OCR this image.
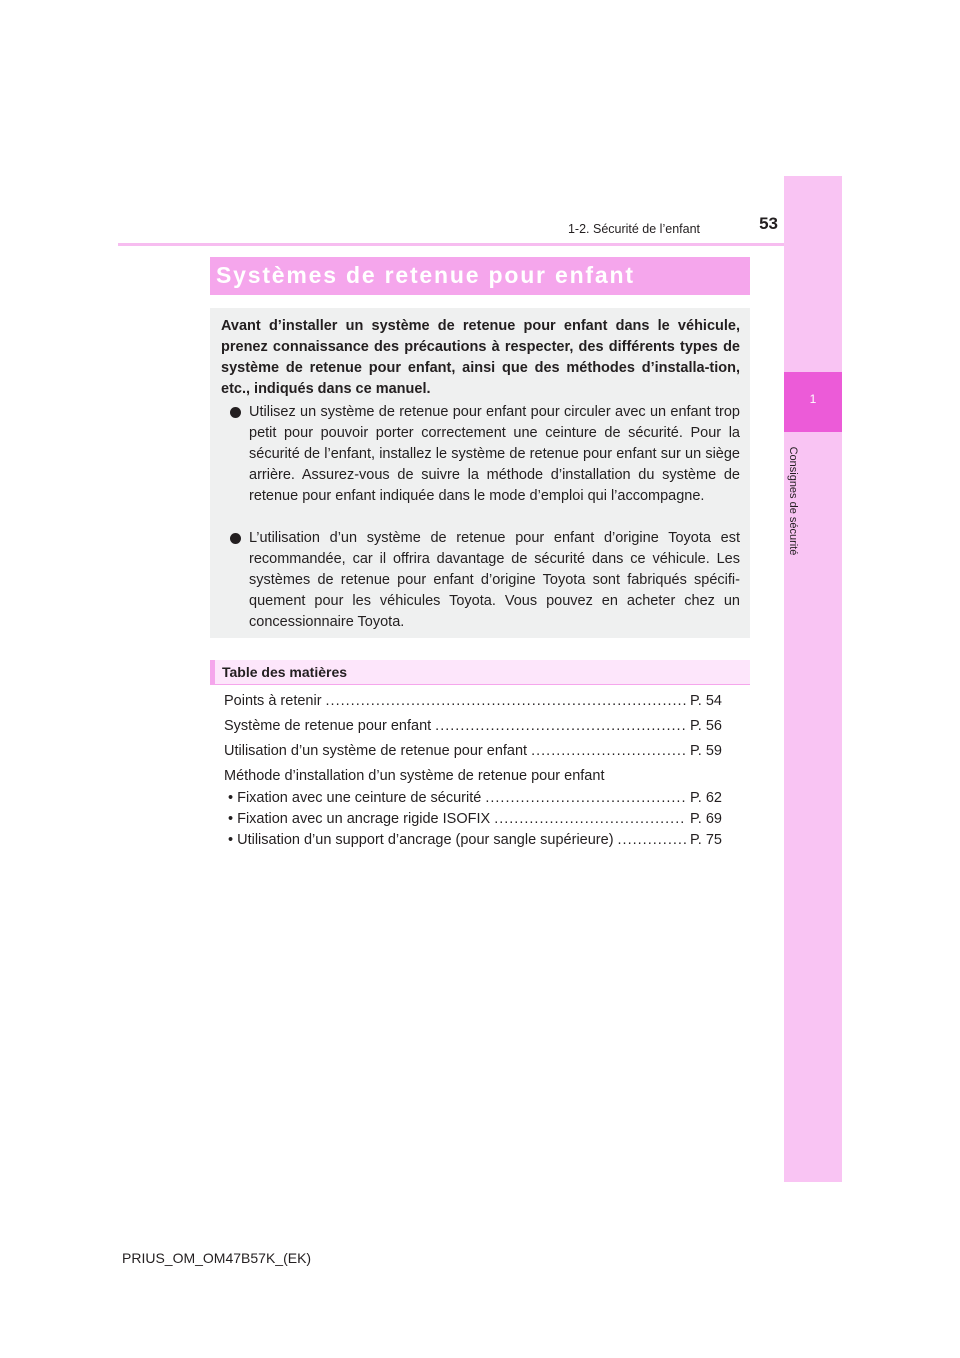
53
1-2. Sécurité de l’enfant
1
Consignes de sécurité
Systèmes de retenue pour enfant
Avant d’installer un système de retenue pour enfant dans le véhicule, prenez connaissance des précautions à respecter, des différents types de système de retenue pour enfant, ainsi que des méthodes d’installa-tion, etc., indiqués dans ce manuel.
Utilisez un système de retenue pour enfant pour circuler avec un enfant trop petit pour pouvoir porter correctement une ceinture de sécurité. Pour la sécurité de l’enfant, installez le système de retenue pour enfant sur un siège arrière. Assurez-vous de suivre la méthode d’installation du système de retenue pour enfant indiquée dans le mode d’emploi qui l’accompagne.
L’utilisation d’un système de retenue pour enfant d’origine Toyota est recommandée, car il offrira davantage de sécurité dans ce véhicule. Les systèmes de retenue pour enfant d’origine Toyota sont fabriqués spécifi-quement pour les véhicules Toyota. Vous pouvez en acheter chez un concessionnaire Toyota.
Table des matières
Points à retenir .....	P. 54
Système de retenue pour enfant .....	P. 56
Utilisation d’un système de retenue pour enfant .....	P. 59
Méthode d’installation d’un système de retenue pour enfant
• Fixation avec une ceinture de sécurité .....	P. 62
• Fixation avec un ancrage rigide ISOFIX .....	P. 69
• Utilisation d’un support d’ancrage (pour sangle supérieure) .....	P. 75
PRIUS_OM_OM47B57K_(EK)
